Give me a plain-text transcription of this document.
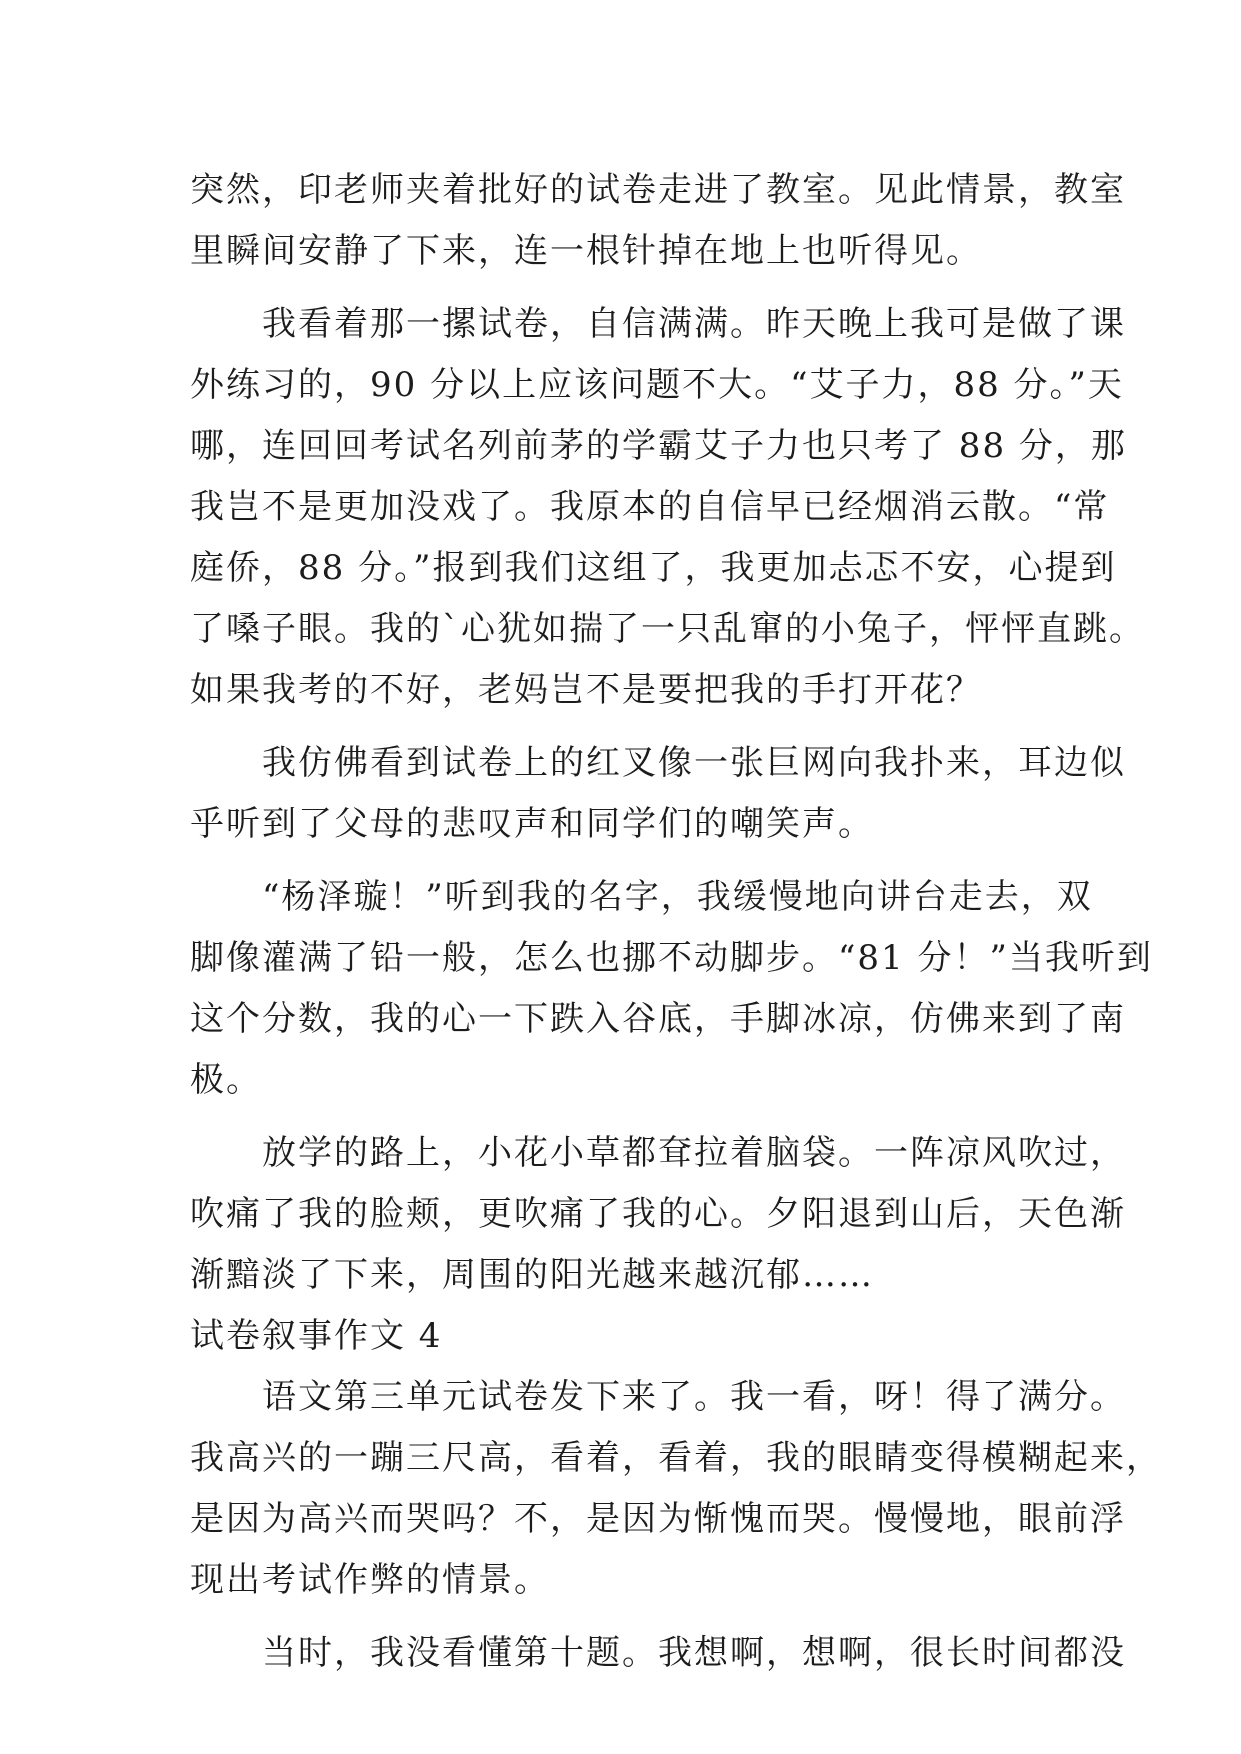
突然，印老师夹着批好的试卷走进了教室。见此情景，教室
里瞬间安静了下来，连一根针掉在地上也听得见。
　　我看着那一摞试卷，自信满满。昨天晚上我可是做了课
外练习的，90 分以上应该问题不大。“艾子力，88 分。”天
哪，连回回考试名列前茅的学霸艾子力也只考了 88 分，那
我岂不是更加没戏了。我原本的自信早已经烟消云散。“常
庭侨，88 分。”报到我们这组了，我更加忐忑不安，心提到
了嗓子眼。我的`心犹如揣了一只乱窜的小兔子，怦怦直跳。
如果我考的不好，老妈岂不是要把我的手打开花？
　　我仿佛看到试卷上的红叉像一张巨网向我扑来，耳边似
乎听到了父母的悲叹声和同学们的嘲笑声。
　　“杨泽璇！”听到我的名字，我缓慢地向讲台走去，双
脚像灌满了铅一般，怎么也挪不动脚步。“81 分！”当我听到
这个分数，我的心一下跌入谷底，手脚冰凉，仿佛来到了南
极。
　　放学的路上，小花小草都耷拉着脑袋。一阵凉风吹过，
吹痛了我的脸颊，更吹痛了我的心。夕阳退到山后，天色渐
渐黯淡了下来，周围的阳光越来越沉郁……
试卷叙事作文 4
　　语文第三单元试卷发下来了。我一看，呀！得了满分。
我高兴的一蹦三尺高，看着，看着，我的眼睛变得模糊起来，
是因为高兴而哭吗？不，是因为惭愧而哭。慢慢地，眼前浮
现出考试作弊的情景。
　　当时，我没看懂第十题。我想啊，想啊，很长时间都没
